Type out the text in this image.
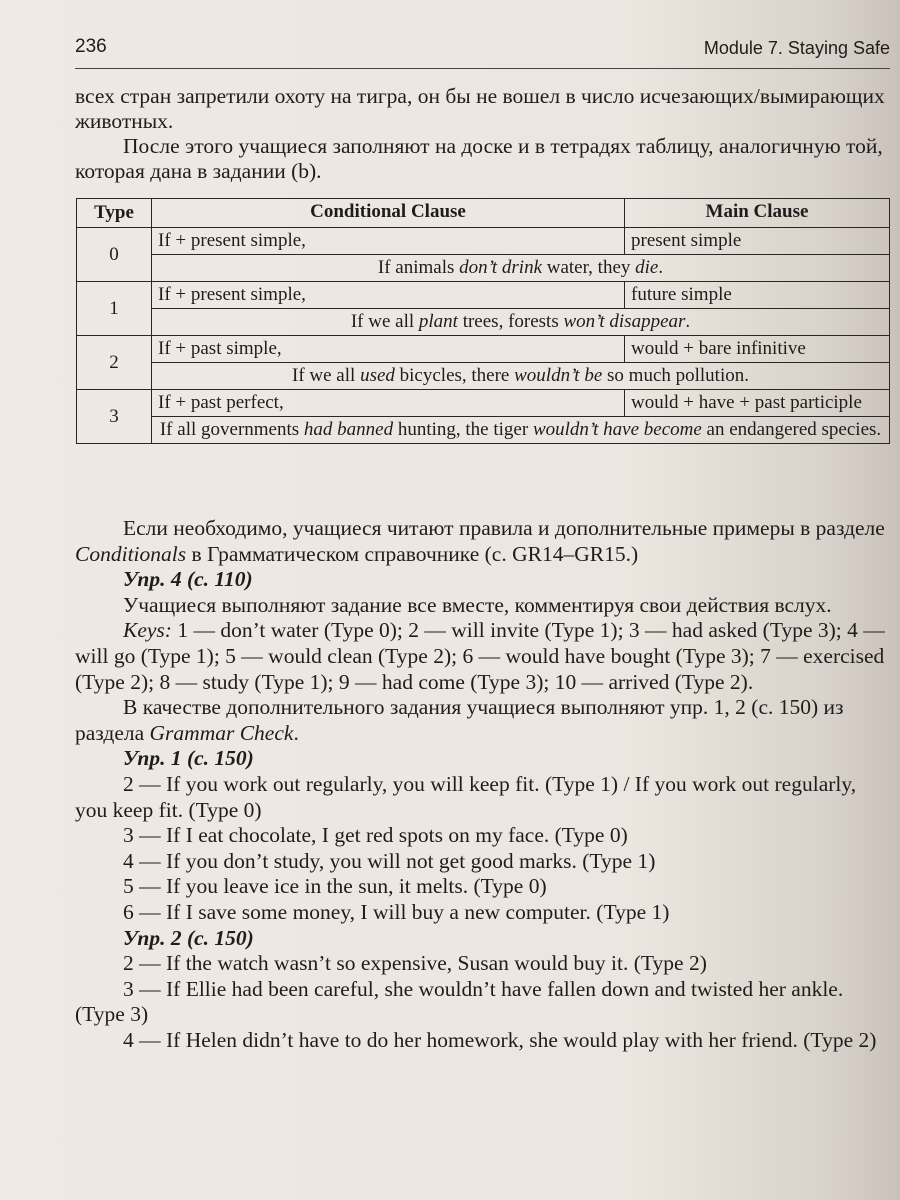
236	Module 7. Staying Safe
всех стран запретили охоту на тигра, он бы не вошел в число исчезающих/вымирающих животных.
После этого учащиеся заполняют на доске и в тетрадях таблицу, аналогичную той, которая дана в задании (b).
Type	Conditional Clause	Main Clause
0	If + present simple,	present simple
	If animals don’t drink water, they die.	
1	If + present simple,	future simple
	If we all plant trees, forests won’t disappear.	
2	If + past simple,	would + bare infinitive
	If we all used bicycles, there wouldn’t be so much pollution.	
3	If + past perfect,	would + have + past participle
	If all governments had banned hunting, the tiger wouldn’t have become an endangered species.	

Если необходимо, учащиеся читают правила и дополнительные примеры в разделе Conditionals в Грамматическом справочнике (с. GR14–GR15.)

Упр. 4 (с. 110)

Учащиеся выполняют задание все вместе, комментируя свои действия вслух.

Keys: 1 — don’t water (Type 0); 2 — will invite (Type 1); 3 — had asked (Type 3); 4 — will go (Type 1); 5 — would clean (Type 2); 6 — would have bought (Type 3); 7 — exercised (Type 2); 8 — study (Type 1); 9 — had come (Type 3); 10 — arrived (Type 2).

В качестве дополнительного задания учащиеся выполняют упр. 1, 2 (с. 150) из раздела Grammar Check.

Упр. 1 (с. 150)

2 — If you work out regularly, you will keep fit. (Type 1) / If you work out regularly, you keep fit. (Type 0)

3 — If I eat chocolate, I get red spots on my face. (Type 0)

4 — If you don’t study, you will not get good marks. (Type 1)

5 — If you leave ice in the sun, it melts. (Type 0)

6 — If I save some money, I will buy a new computer. (Type 1)

Упр. 2 (с. 150)

2 — If the watch wasn’t so expensive, Susan would buy it. (Type 2)

3 — If Ellie had been careful, she wouldn’t have fallen down and twisted her ankle. (Type 3)

4 — If Helen didn’t have to do her homework, she would play with her friend. (Type 2)
